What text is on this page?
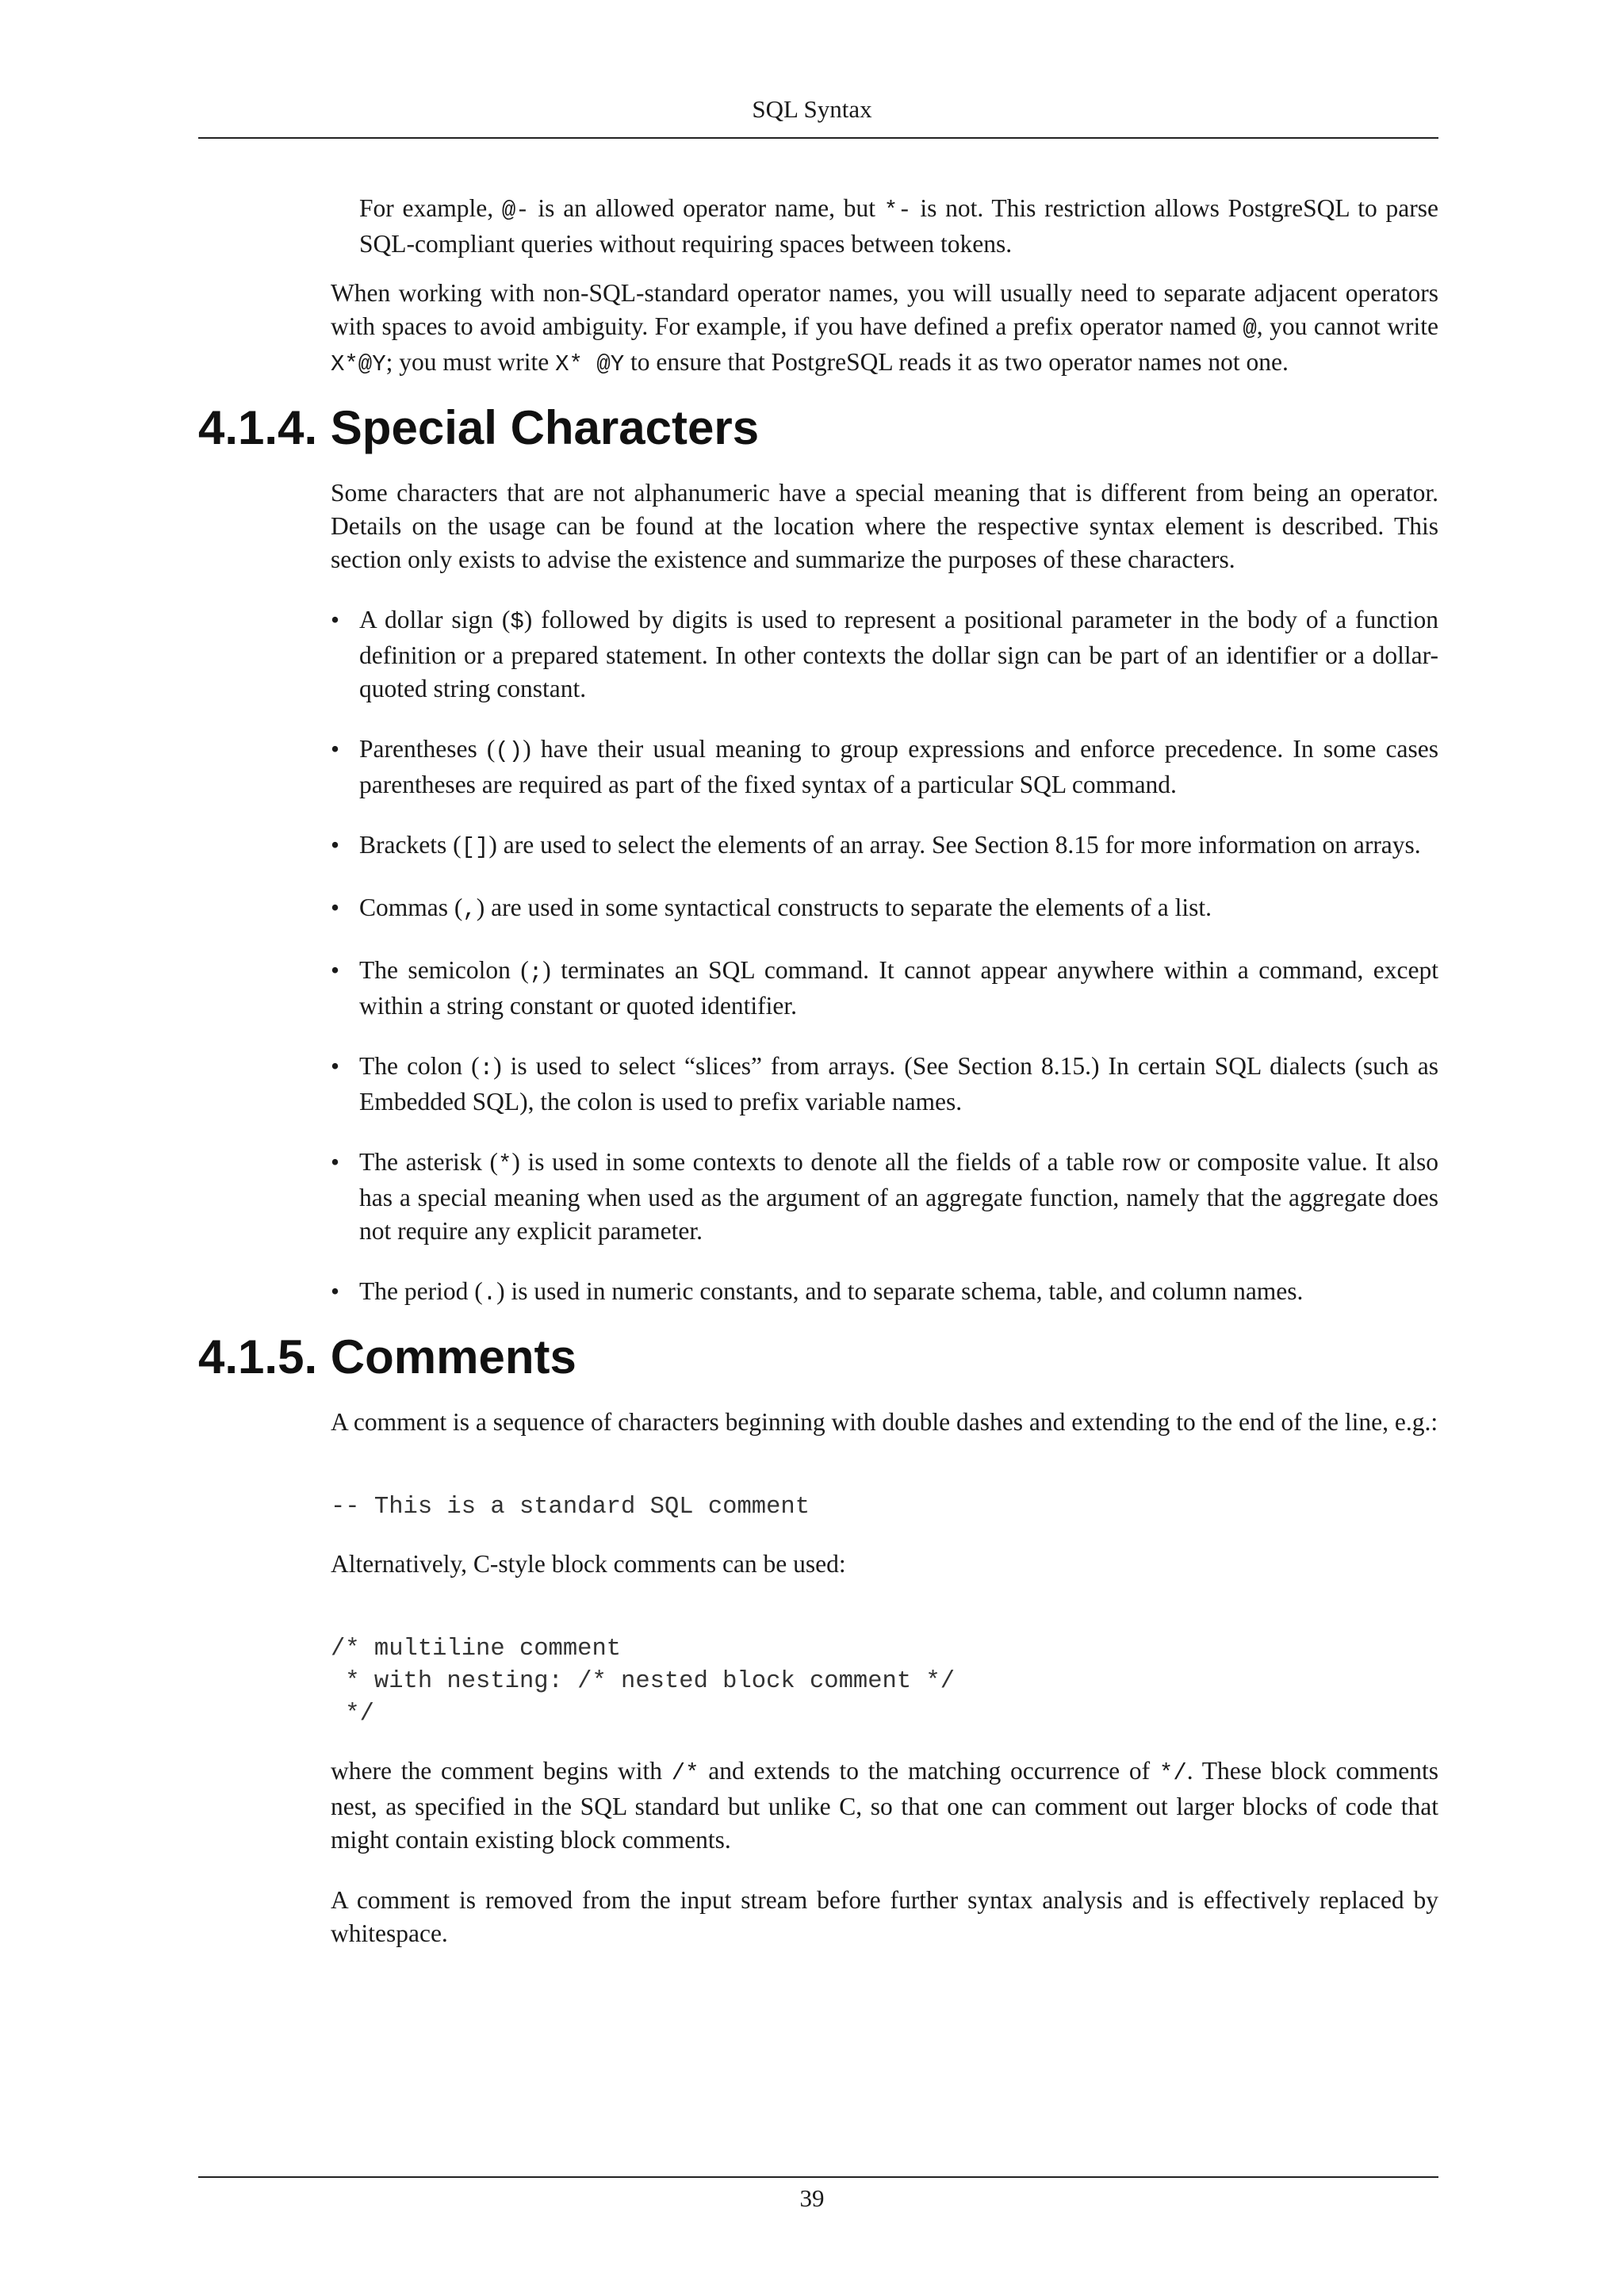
SQL Syntax

For example, @- is an allowed operator name, but *- is not. This restriction allows PostgreSQL to parse SQL-compliant queries without requiring spaces between tokens.

When working with non-SQL-standard operator names, you will usually need to separate adjacent operators with spaces to avoid ambiguity. For example, if you have defined a prefix operator named @, you cannot write X*@Y; you must write X* @Y to ensure that PostgreSQL reads it as two operator names not one.

4.1.4. Special Characters

Some characters that are not alphanumeric have a special meaning that is different from being an operator. Details on the usage can be found at the location where the respective syntax element is described. This section only exists to advise the existence and summarize the purposes of these characters.

• A dollar sign ($) followed by digits is used to represent a positional parameter in the body of a function definition or a prepared statement. In other contexts the dollar sign can be part of an identifier or a dollar-quoted string constant.

• Parentheses (()) have their usual meaning to group expressions and enforce precedence. In some cases parentheses are required as part of the fixed syntax of a particular SQL command.

• Brackets ([]) are used to select the elements of an array. See Section 8.15 for more information on arrays.

• Commas (,) are used in some syntactical constructs to separate the elements of a list.

• The semicolon (;) terminates an SQL command. It cannot appear anywhere within a command, except within a string constant or quoted identifier.

• The colon (:) is used to select “slices” from arrays. (See Section 8.15.) In certain SQL dialects (such as Embedded SQL), the colon is used to prefix variable names.

• The asterisk (*) is used in some contexts to denote all the fields of a table row or composite value. It also has a special meaning when used as the argument of an aggregate function, namely that the aggregate does not require any explicit parameter.

• The period (.) is used in numeric constants, and to separate schema, table, and column names.

4.1.5. Comments

A comment is a sequence of characters beginning with double dashes and extending to the end of the line, e.g.:

-- This is a standard SQL comment

Alternatively, C-style block comments can be used:

/* multiline comment
* with nesting: /* nested block comment */
*/

where the comment begins with /* and extends to the matching occurrence of */. These block comments nest, as specified in the SQL standard but unlike C, so that one can comment out larger blocks of code that might contain existing block comments.

A comment is removed from the input stream before further syntax analysis and is effectively replaced by whitespace.

39
